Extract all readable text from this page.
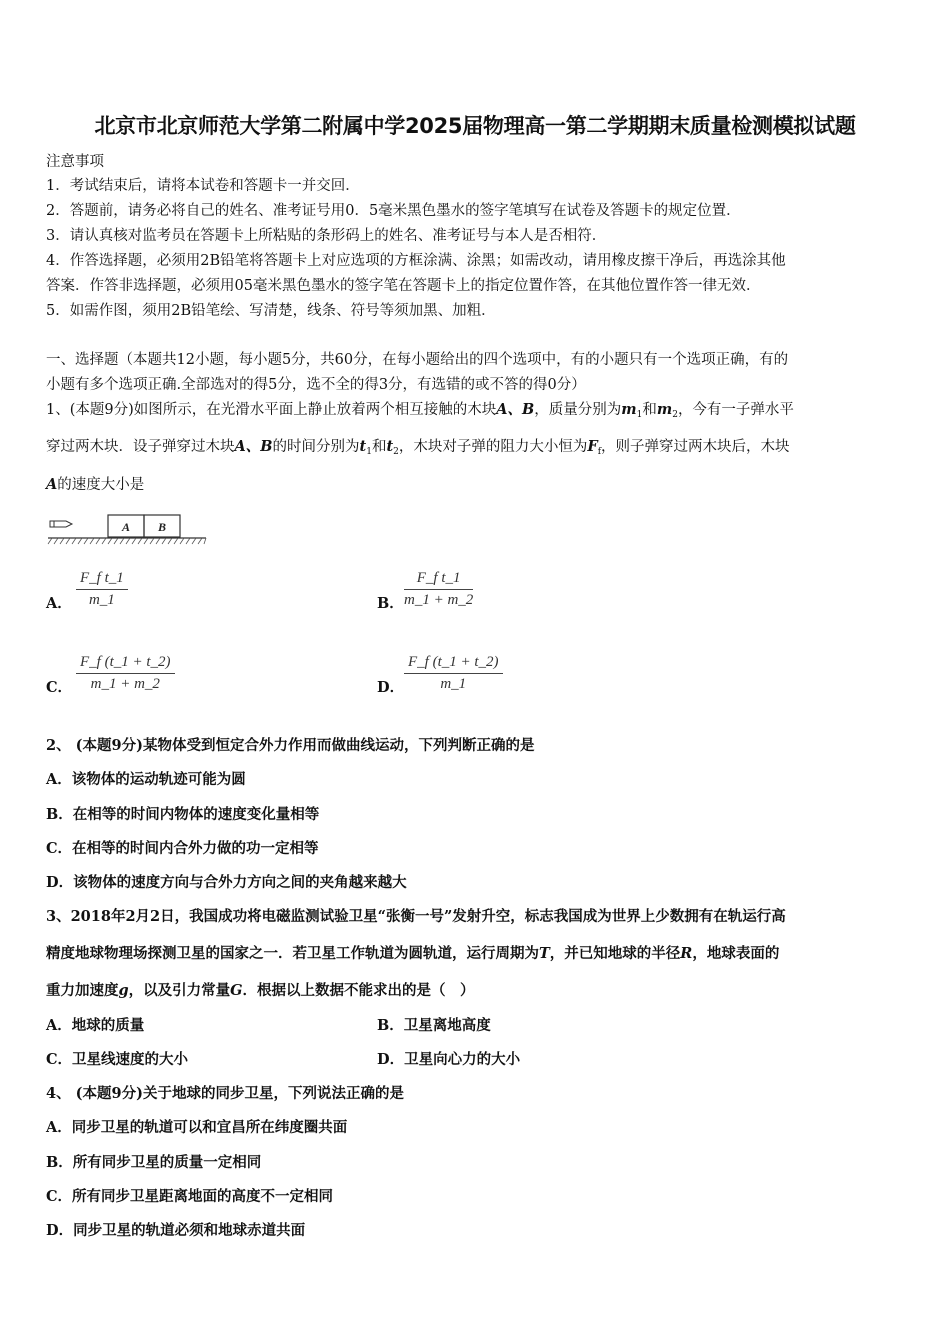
北京市北京师范大学第二附属中学2025届物理高一第二学期期末质量检测模拟试题
注意事项
1．考试结束后，请将本试卷和答题卡一并交回．
2．答题前，请务必将自己的姓名、准考证号用0．5毫米黑色墨水的签字笔填写在试卷及答题卡的规定位置．
3．请认真核对监考员在答题卡上所粘贴的条形码上的姓名、准考证号与本人是否相符．
4．作答选择题，必须用2B铅笔将答题卡上对应选项的方框涂满、涂黑；如需改动，请用橡皮擦干净后，再选涂其他
答案．作答非选择题，必须用05毫米黑色墨水的签字笔在答题卡上的指定位置作答，在其他位置作答一律无效．
5．如需作图，须用2B铅笔绘、写清楚，线条、符号等须加黑、加粗．
一、选择题（本题共12小题，每小题5分，共60分，在每小题给出的四个选项中，有的小题只有一个选项正确，有的
小题有多个选项正确.全部选对的得5分，选不全的得3分，有选错的或不答的得0分）
1、(本题9分)如图所示，在光滑水平面上静止放着两个相互接触的木块A、B，质量分别为$m_1$和$m_2$，今有一子弹水平
穿过两木块．设子弹穿过木块A、B的时间分别为$t_1$和$t_2$，木块对子弹的阻力大小恒为$F_f$，则子弹穿过两木块后，木块
A的速度大小是
A B
A．
F_f t_1
m_1	B．
F_f t_1
m_1 + m_2
C．
F_f (t_1 + t_2)
m_1 + m_2	D．
F_f (t_1 + t_2)
m_1
2、 (本题9分)某物体受到恒定合外力作用而做曲线运动，下列判断正确的是
A．该物体的运动轨迹可能为圆
B．在相等的时间内物体的速度变化量相等
C．在相等的时间内合外力做的功一定相等
D．该物体的速度方向与合外力方向之间的夹角越来越大
3、2018年2月2日，我国成功将电磁监测试验卫星“张衡一号”发射升空，标志我国成为世界上少数拥有在轨运行高
精度地球物理场探测卫星的国家之一．若卫星工作轨道为圆轨道，运行周期为T，并已知地球的半径R，地球表面的
重力加速度g，以及引力常量G．根据以上数据不能求出的是（　）
A．地球的质量	B．卫星离地高度
C．卫星线速度的大小	D．卫星向心力的大小
4、 (本题9分)关于地球的同步卫星，下列说法正确的是
A．同步卫星的轨道可以和宜昌所在纬度圈共面
B．所有同步卫星的质量一定相同
C．所有同步卫星距离地面的高度不一定相同
D．同步卫星的轨道必须和地球赤道共面
